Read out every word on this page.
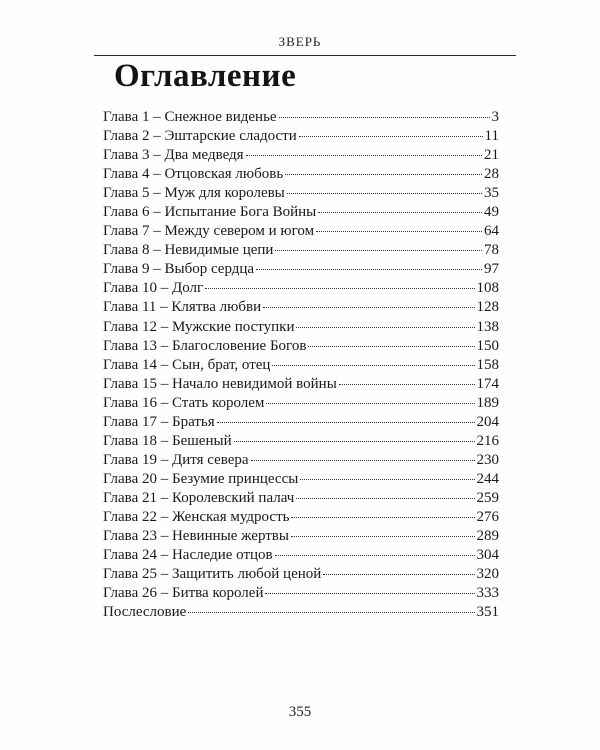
ЗВЕРЬ
Оглавление
Глава 1 – Снежное виденье	3
Глава 2 – Эштарские сладости	11
Глава 3 – Два медведя	21
Глава 4 – Отцовская любовь	28
Глава 5 – Муж для королевы	35
Глава 6 – Испытание Бога Войны	49
Глава 7 – Между севером и югом	64
Глава 8 – Невидимые цепи	78
Глава 9 – Выбор сердца	97
Глава 10 – Долг	108
Глава 11 – Клятва любви	128
Глава 12 – Мужские поступки	138
Глава 13 – Благословение Богов	150
Глава 14 – Сын, брат, отец	158
Глава 15 – Начало невидимой войны	174
Глава 16 – Стать королем	189
Глава 17 – Братья	204
Глава 18 – Бешеный	216
Глава 19 – Дитя севера	230
Глава 20 – Безумие принцессы	244
Глава 21 – Королевский палач	259
Глава 22 – Женская мудрость	276
Глава 23 – Невинные жертвы	289
Глава 24 – Наследие отцов	304
Глава 25 – Защитить любой ценой	320
Глава 26 – Битва королей	333
Послесловие	351
355
